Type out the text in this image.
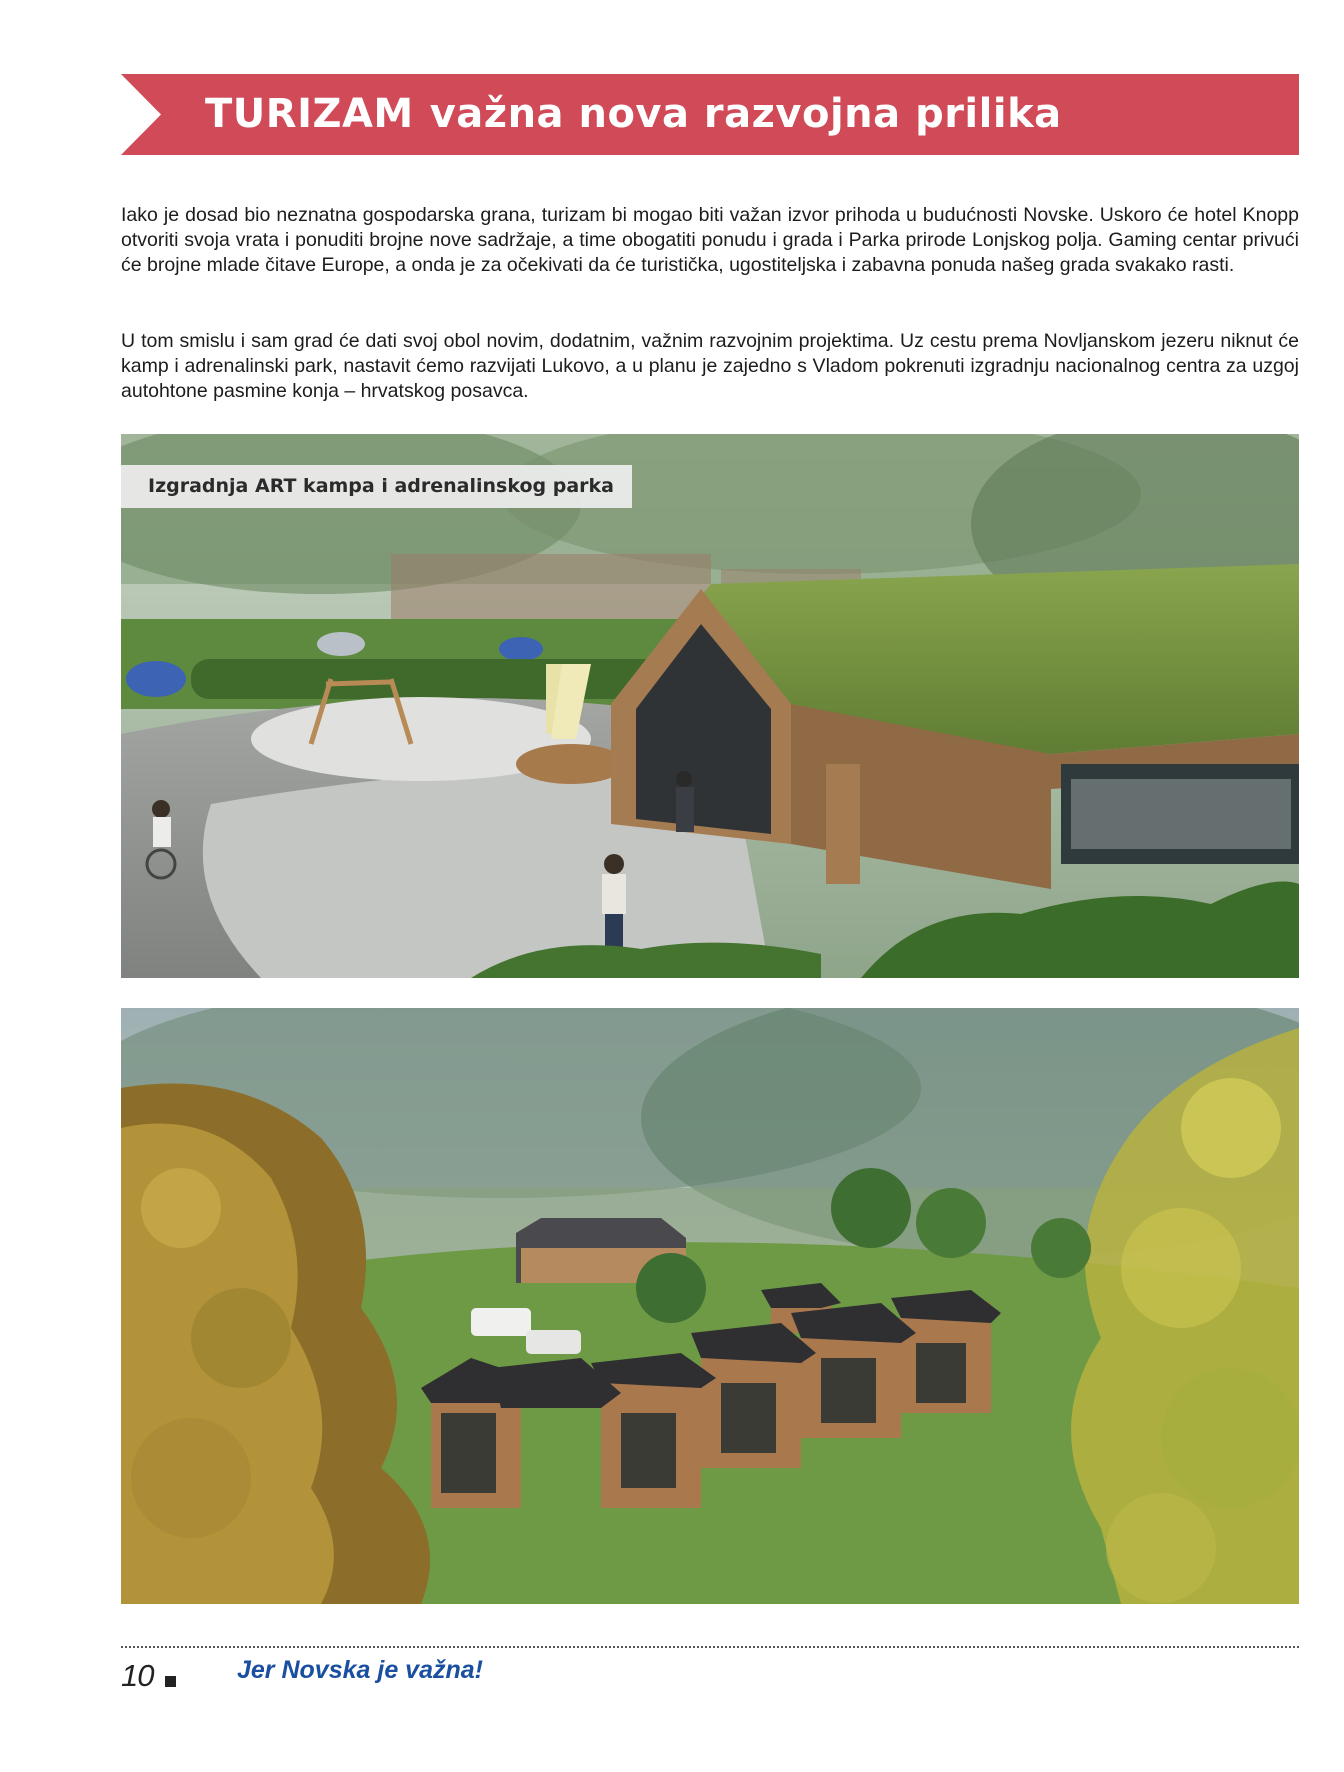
TURIZAM važna nova razvojna prilika

Iako je dosad bio neznatna gospodarska grana, turizam bi mogao biti važan izvor prihoda u budućnosti Novske. Uskoro će hotel Knopp otvoriti svoja vrata i ponuditi brojne nove sadržaje, a time obogatiti ponudu i grada i Parka prirode Lonjskog polja. Gaming centar privući će brojne mlade čitave Europe, a onda je za očekivati da će turistička, ugostiteljska i zabavna ponuda našeg grada svakako rasti.

U tom smislu i sam grad će dati svoj obol novim, dodatnim, važnim razvojnim projektima. Uz cestu prema Novljanskom jezeru niknut će kamp i adrenalinski park, nastavit ćemo razvijati Lukovo, a u planu je zajedno s Vladom pokrenuti izgradnju nacionalnog centra za uzgoj autohtone pasmine konja – hrvatskog posavca.

Izgradnja ART kampa i adrenalinskog parka
10	Jer Novska je važna!
